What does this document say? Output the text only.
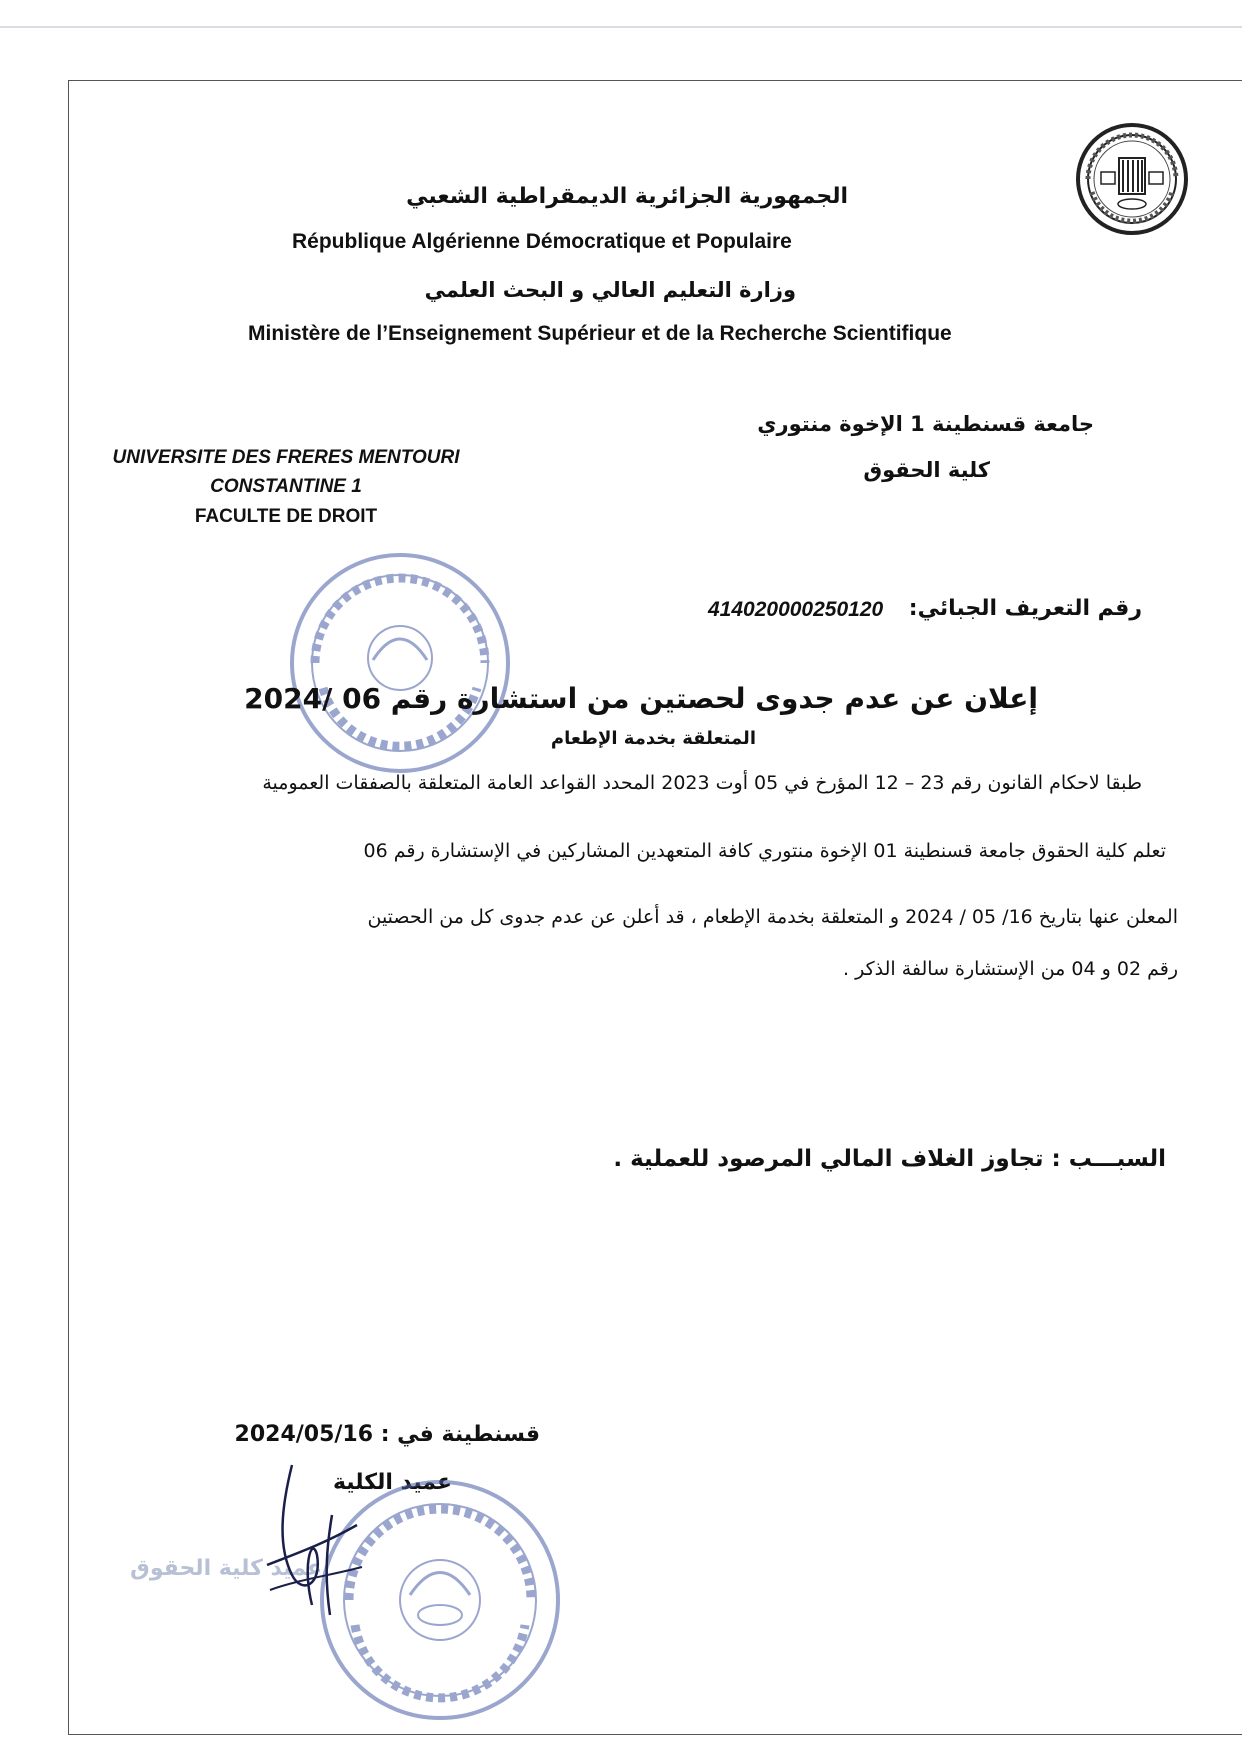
الجمهورية الجزائرية الديمقراطية الشعبي
République Algérienne Démocratique et Populaire
وزارة التعليم العالي و البحث العلمي
Ministère de l’Enseignement Supérieur et de la Recherche Scientifique
جامعة قسنطينة 1 الإخوة منتوري
كلية الحقوق
UNIVERSITE DES FRERES MENTOURI
CONSTANTINE 1
FACULTE DE DROIT
رقم التعريف الجبائي:
414020000250120
إعلان عن عدم جدوى لحصتين من استشارة رقم 06 /2024
المتعلقة بخدمة الإطعام
طبقا لاحكام القانون رقم 23 – 12 المؤرخ في 05 أوت 2023 المحدد القواعد العامة المتعلقة بالصفقات العمومية
تعلم كلية الحقوق جامعة قسنطينة 01 الإخوة منتوري كافة المتعهدين المشاركين في الإستشارة رقم 06
المعلن عنها بتاريخ 16/ 05 / 2024 و المتعلقة بخدمة الإطعام ، قد أعلن عن عدم جدوى كل من الحصتين
رقم 02 و 04 من الإستشارة سالفة الذكر .
السبـــب : تجاوز الغلاف المالي المرصود للعملية .
قسنطينة في : 2024/05/16
عميد الكلية
عميد كلية الحقوق
